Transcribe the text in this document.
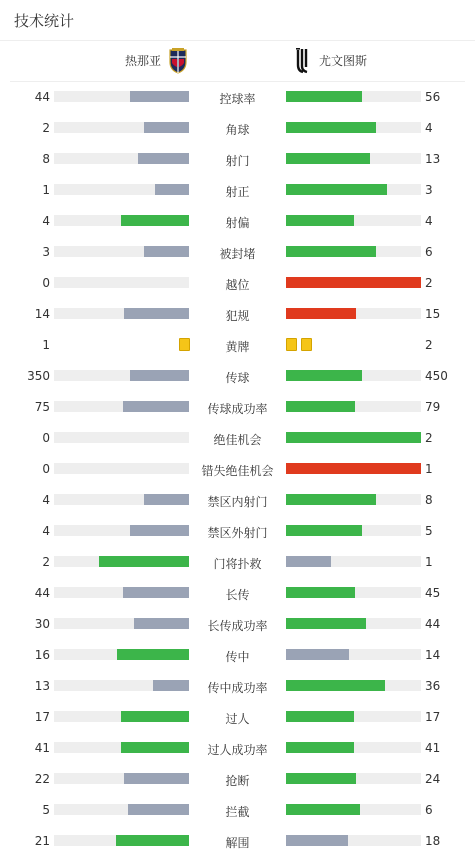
技术统计
热那亚	尤文图斯
44	控球率	56
2	角球	4
8	射门	13
1	射正	3
4	射偏	4
3	被封堵	6
0	越位	2
14	犯规	15
1	黄牌	2
350	传球	450
75	传球成功率	79
0	绝佳机会	2
0	错失绝佳机会	1
4	禁区内射门	8
4	禁区外射门	5
2	门将扑救	1
44	长传	45
30	长传成功率	44
16	传中	14
13	传中成功率	36
17	过人	17
41	过人成功率	41
22	抢断	24
5	拦截	6
21	解围	18
